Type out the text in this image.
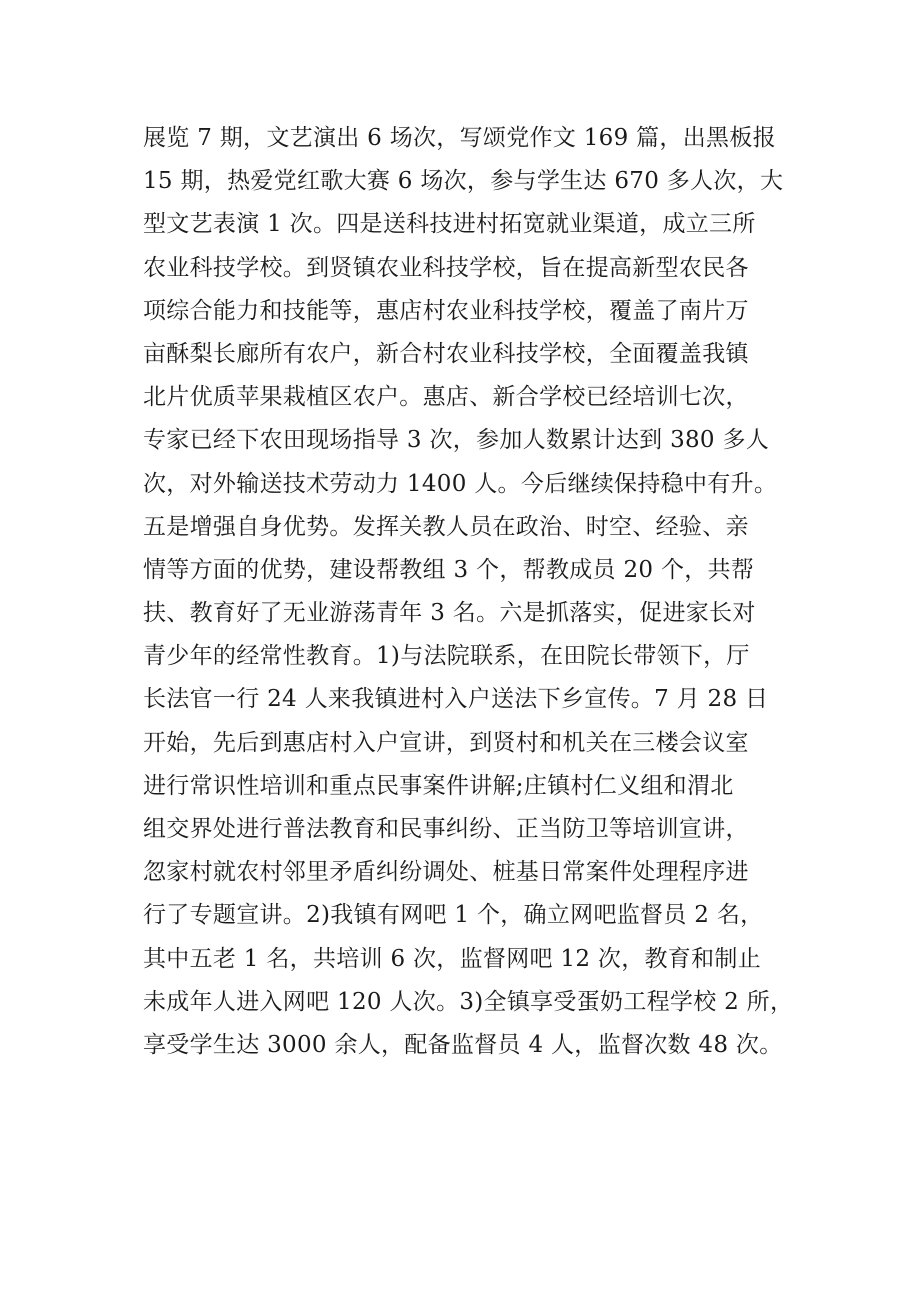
展览 7 期，文艺演出 6 场次，写颂党作文 169 篇，出黑板报
15 期，热爱党红歌大赛 6 场次，参与学生达 670 多人次，大
型文艺表演 1 次。四是送科技进村拓宽就业渠道，成立三所
农业科技学校。到贤镇农业科技学校，旨在提高新型农民各
项综合能力和技能等，惠店村农业科技学校，覆盖了南片万
亩酥梨长廊所有农户，新合村农业科技学校，全面覆盖我镇
北片优质苹果栽植区农户。惠店、新合学校已经培训七次，
专家已经下农田现场指导 3 次，参加人数累计达到 380 多人
次，对外输送技术劳动力 1400 人。今后继续保持稳中有升。
五是增强自身优势。发挥关教人员在政治、时空、经验、亲
情等方面的优势，建设帮教组 3 个，帮教成员 20 个，共帮
扶、教育好了无业游荡青年 3 名。六是抓落实，促进家长对
青少年的经常性教育。1)与法院联系，在田院长带领下，厅
长法官一行 24 人来我镇进村入户送法下乡宣传。7 月 28 日
开始，先后到惠店村入户宣讲，到贤村和机关在三楼会议室
进行常识性培训和重点民事案件讲解;庄镇村仁义组和渭北
组交界处进行普法教育和民事纠纷、正当防卫等培训宣讲，
忽家村就农村邻里矛盾纠纷调处、桩基日常案件处理程序进
行了专题宣讲。2)我镇有网吧 1 个，确立网吧监督员 2 名，
其中五老 1 名，共培训 6 次，监督网吧 12 次，教育和制止
未成年人进入网吧 120 人次。3)全镇享受蛋奶工程学校 2 所，
享受学生达 3000 余人，配备监督员 4 人，监督次数 48 次。
